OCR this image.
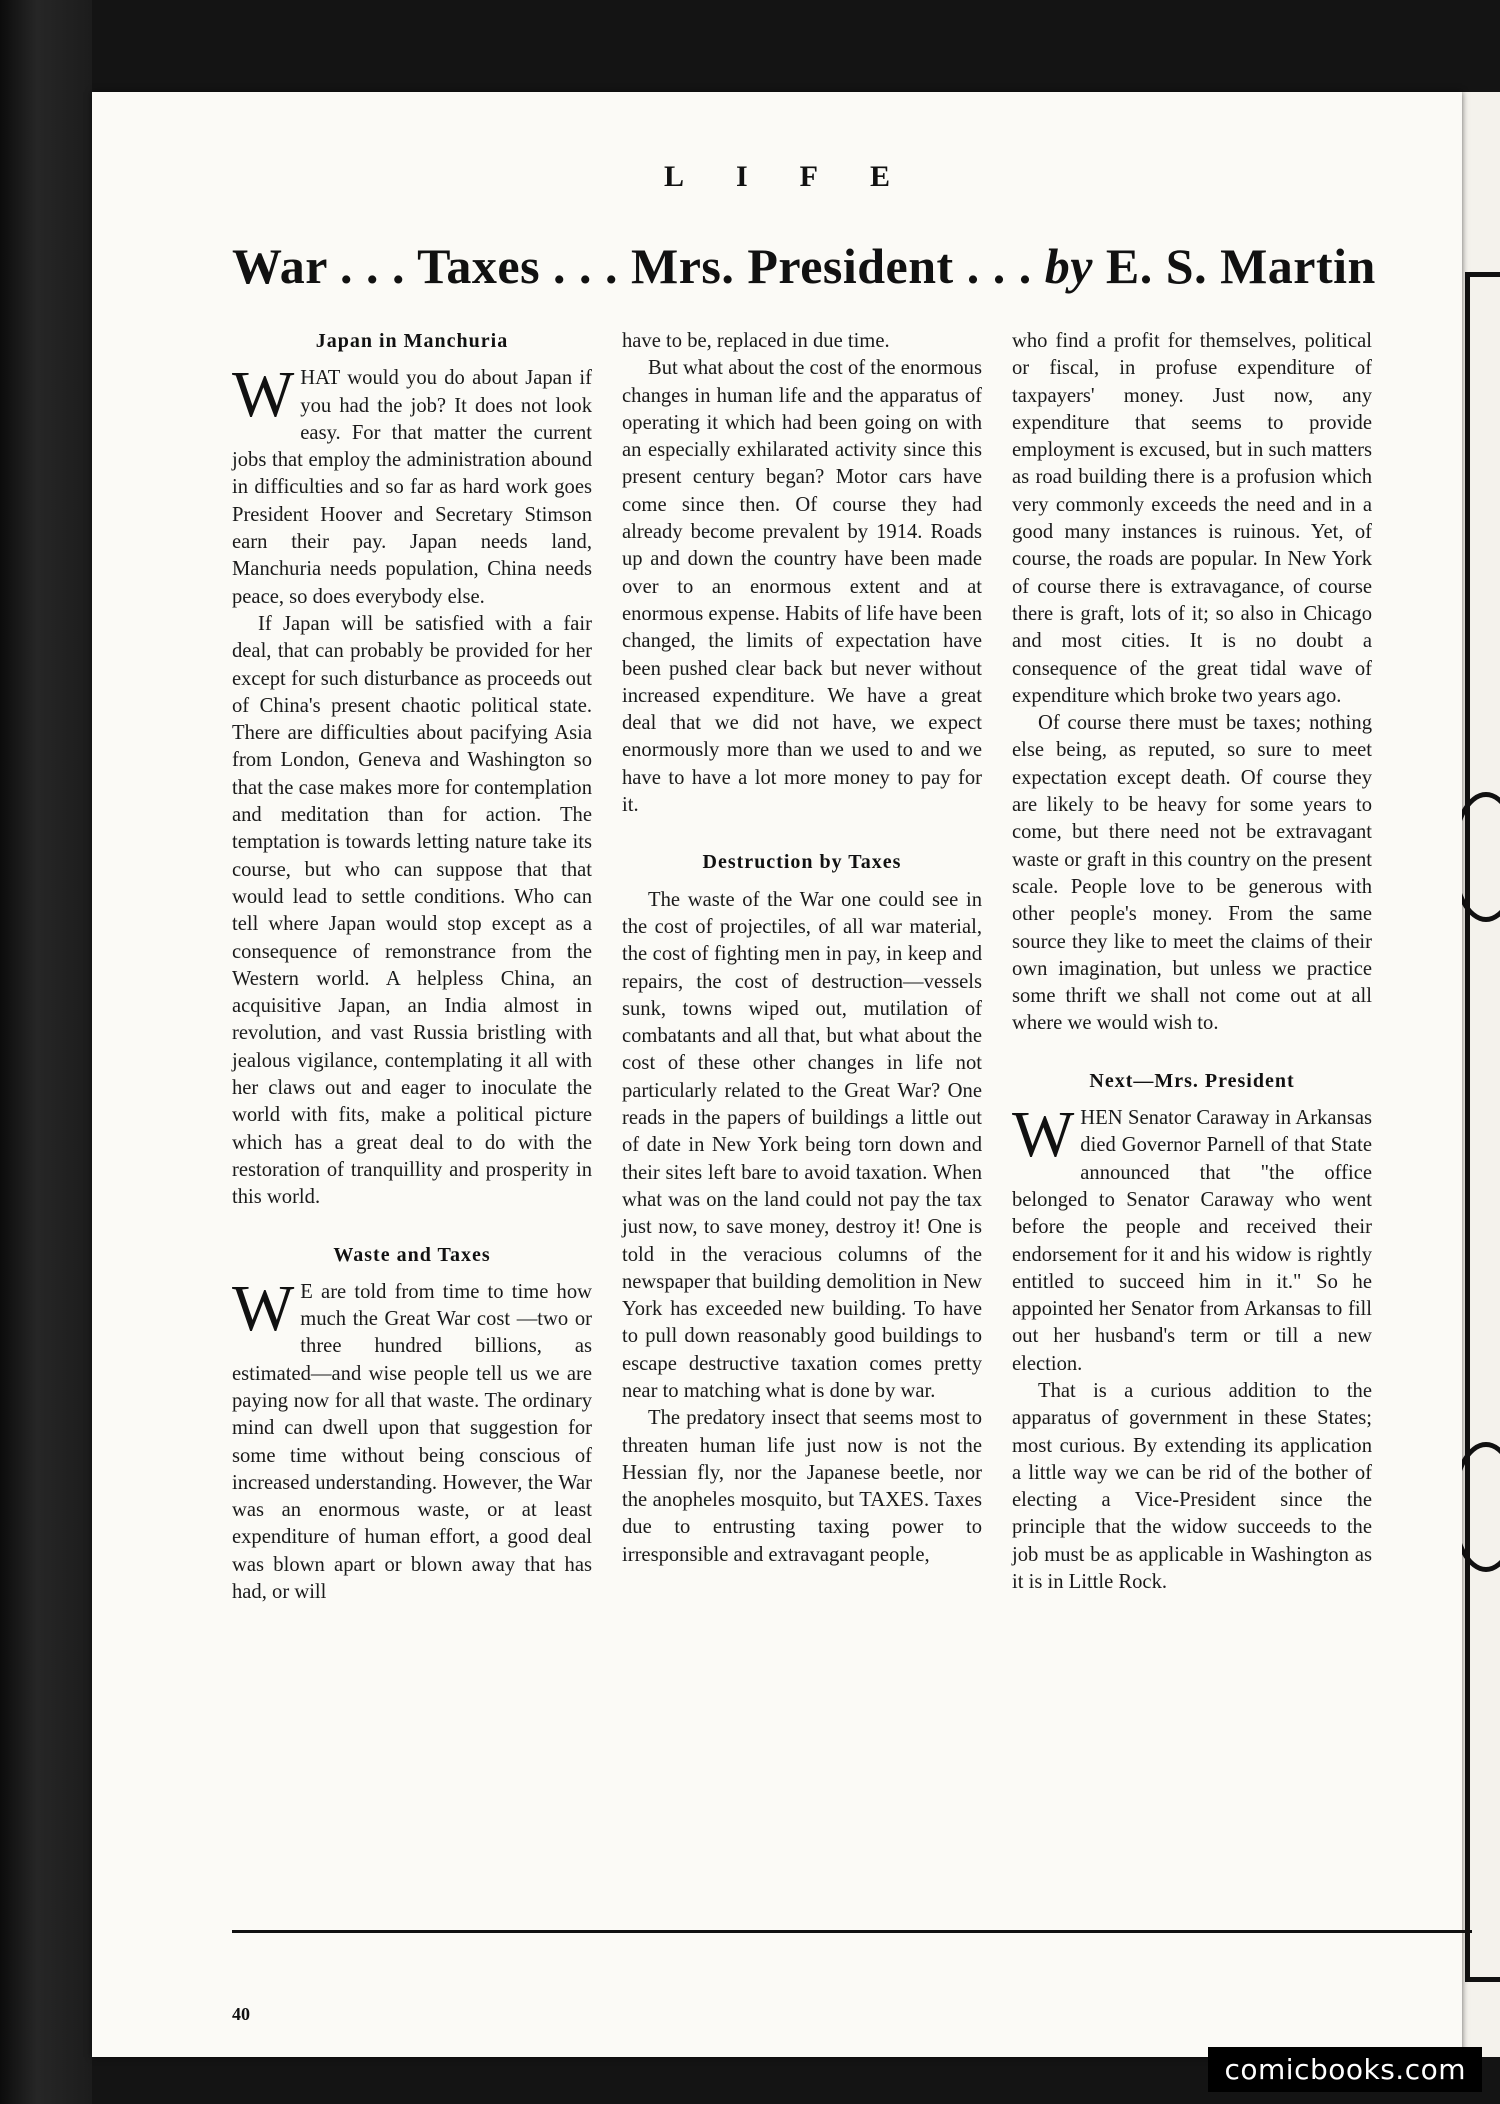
LIFE
War . . . Taxes . . . Mrs. President . . . by E. S. Martin
Japan in Manchuria

WHAT would you do about Japan if you had the job? It does not look easy. For that matter the current jobs that employ the administration abound in difficulties and so far as hard work goes President Hoover and Secretary Stimson earn their pay. Japan needs land, Manchuria needs population, China needs peace, so does everybody else.

If Japan will be satisfied with a fair deal, that can probably be provided for her except for such disturbance as proceeds out of China's present chaotic political state. There are difficulties about pacifying Asia from London, Geneva and Washington so that the case makes more for contemplation and meditation than for action. The temptation is towards letting nature take its course, but who can suppose that that would lead to settle conditions. Who can tell where Japan would stop except as a consequence of remonstrance from the Western world. A helpless China, an acquisitive Japan, an India almost in revolution, and vast Russia bristling with jealous vigilance, contemplating it all with her claws out and eager to inoculate the world with fits, make a political picture which has a great deal to do with the restoration of tranquillity and prosperity in this world.

Waste and Taxes

W E are told from time to time how much the Great War cost —two or three hundred billions, as estimated—and wise people tell us we are paying now for all that waste. The ordinary mind can dwell upon that suggestion for some time without being conscious of increased understanding. However, the War was an enormous waste, or at least expenditure of human effort, a good deal was blown apart or blown away that has had, or will

have to be, replaced in due time.

But what about the cost of the enormous changes in human life and the apparatus of operating it which had been going on with an especially exhilarated activity since this present century began? Motor cars have come since then. Of course they had already become prevalent by 1914. Roads up and down the country have been made over to an enormous extent and at enormous expense. Habits of life have been changed, the limits of expectation have been pushed clear back but never without increased expenditure. We have a great deal that we did not have, we expect enormously more than we used to and we have to have a lot more money to pay for it.

Destruction by Taxes

The waste of the War one could see in the cost of projectiles, of all war material, the cost of fighting men in pay, in keep and repairs, the cost of destruction—vessels sunk, towns wiped out, mutilation of combatants and all that, but what about the cost of these other changes in life not particularly related to the Great War? One reads in the papers of buildings a little out of date in New York being torn down and their sites left bare to avoid taxation. When what was on the land could not pay the tax just now, to save money, destroy it! One is told in the veracious columns of the newspaper that building demolition in New York has exceeded new building. To have to pull down reasonably good buildings to escape destructive taxation comes pretty near to matching what is done by war.

The predatory insect that seems most to threaten human life just now is not the Hessian fly, nor the Japanese beetle, nor the anopheles mosquito, but TAXES. Taxes due to entrusting taxing power to irresponsible and extravagant people,

who find a profit for themselves, political or fiscal, in profuse expenditure of taxpayers' money. Just now, any expenditure that seems to provide employment is excused, but in such matters as road building there is a profusion which very commonly exceeds the need and in a good many instances is ruinous. Yet, of course, the roads are popular. In New York of course there is extravagance, of course there is graft, lots of it; so also in Chicago and most cities. It is no doubt a consequence of the great tidal wave of expenditure which broke two years ago.

Of course there must be taxes; nothing else being, as reputed, so sure to meet expectation except death. Of course they are likely to be heavy for some years to come, but there need not be extravagant waste or graft in this country on the present scale. People love to be generous with other people's money. From the same source they like to meet the claims of their own imagination, but unless we practice some thrift we shall not come out at all where we would wish to.

Next—Mrs. President

WHEN Senator Caraway in Arkansas died Governor Parnell of that State announced that "the office belonged to Senator Caraway who went before the people and received their endorsement for it and his widow is rightly entitled to succeed him in it." So he appointed her Senator from Arkansas to fill out her husband's term or till a new election.

That is a curious addition to the apparatus of government in these States; most curious. By extending its application a little way we can be rid of the bother of electing a Vice-President since the principle that the widow succeeds to the job must be as applicable in Washington as it is in Little Rock.

40
comicbooks.com
